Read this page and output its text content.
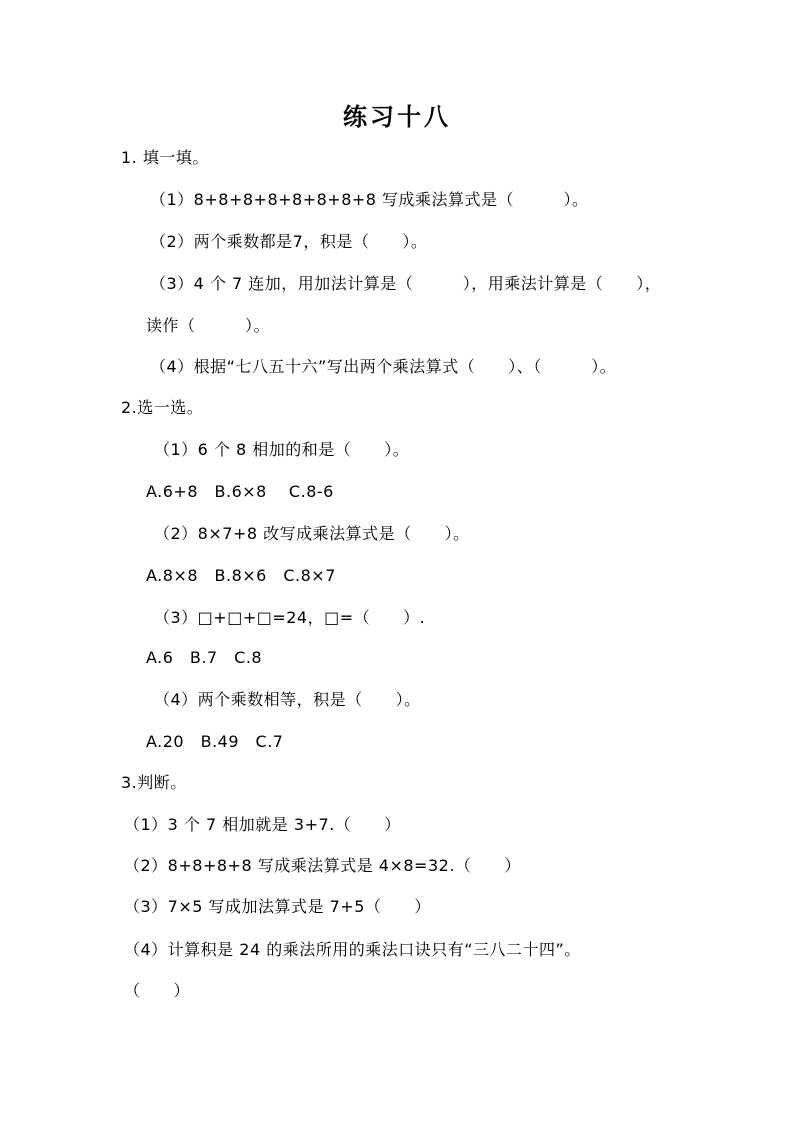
练习十八
1. 填一填。
（1）8+8+8+8+8+8+8+8 写成乘法算式是（　　　）。
（2）两个乘数都是7，积是（　　）。
（3）4 个 7 连加，用加法计算是（　　　），用乘法计算是（　　），
读作（　　　）。
（4）根据“七八五十六”写出两个乘法算式（　　）、（　　　）。
2.选一选。
（1）6 个 8 相加的和是（　　）。
A.6+8　B.6×8　 C.8-6
（2）8×7+8 改写成乘法算式是（　　）。
A.8×8　B.8×6　C.8×7
（3）□+□+□=24，□=（　　）.
A.6　B.7　C.8
（4）两个乘数相等，积是（　　）。
A.20　B.49　C.7
3.判断。
（1）3 个 7 相加就是 3+7.（　　）
（2）8+8+8+8 写成乘法算式是 4×8=32.（　　）
（3）7×5 写成加法算式是 7+5（　　）
（4）计算积是 24 的乘法所用的乘法口诀只有“三八二十四”。
（　　）
